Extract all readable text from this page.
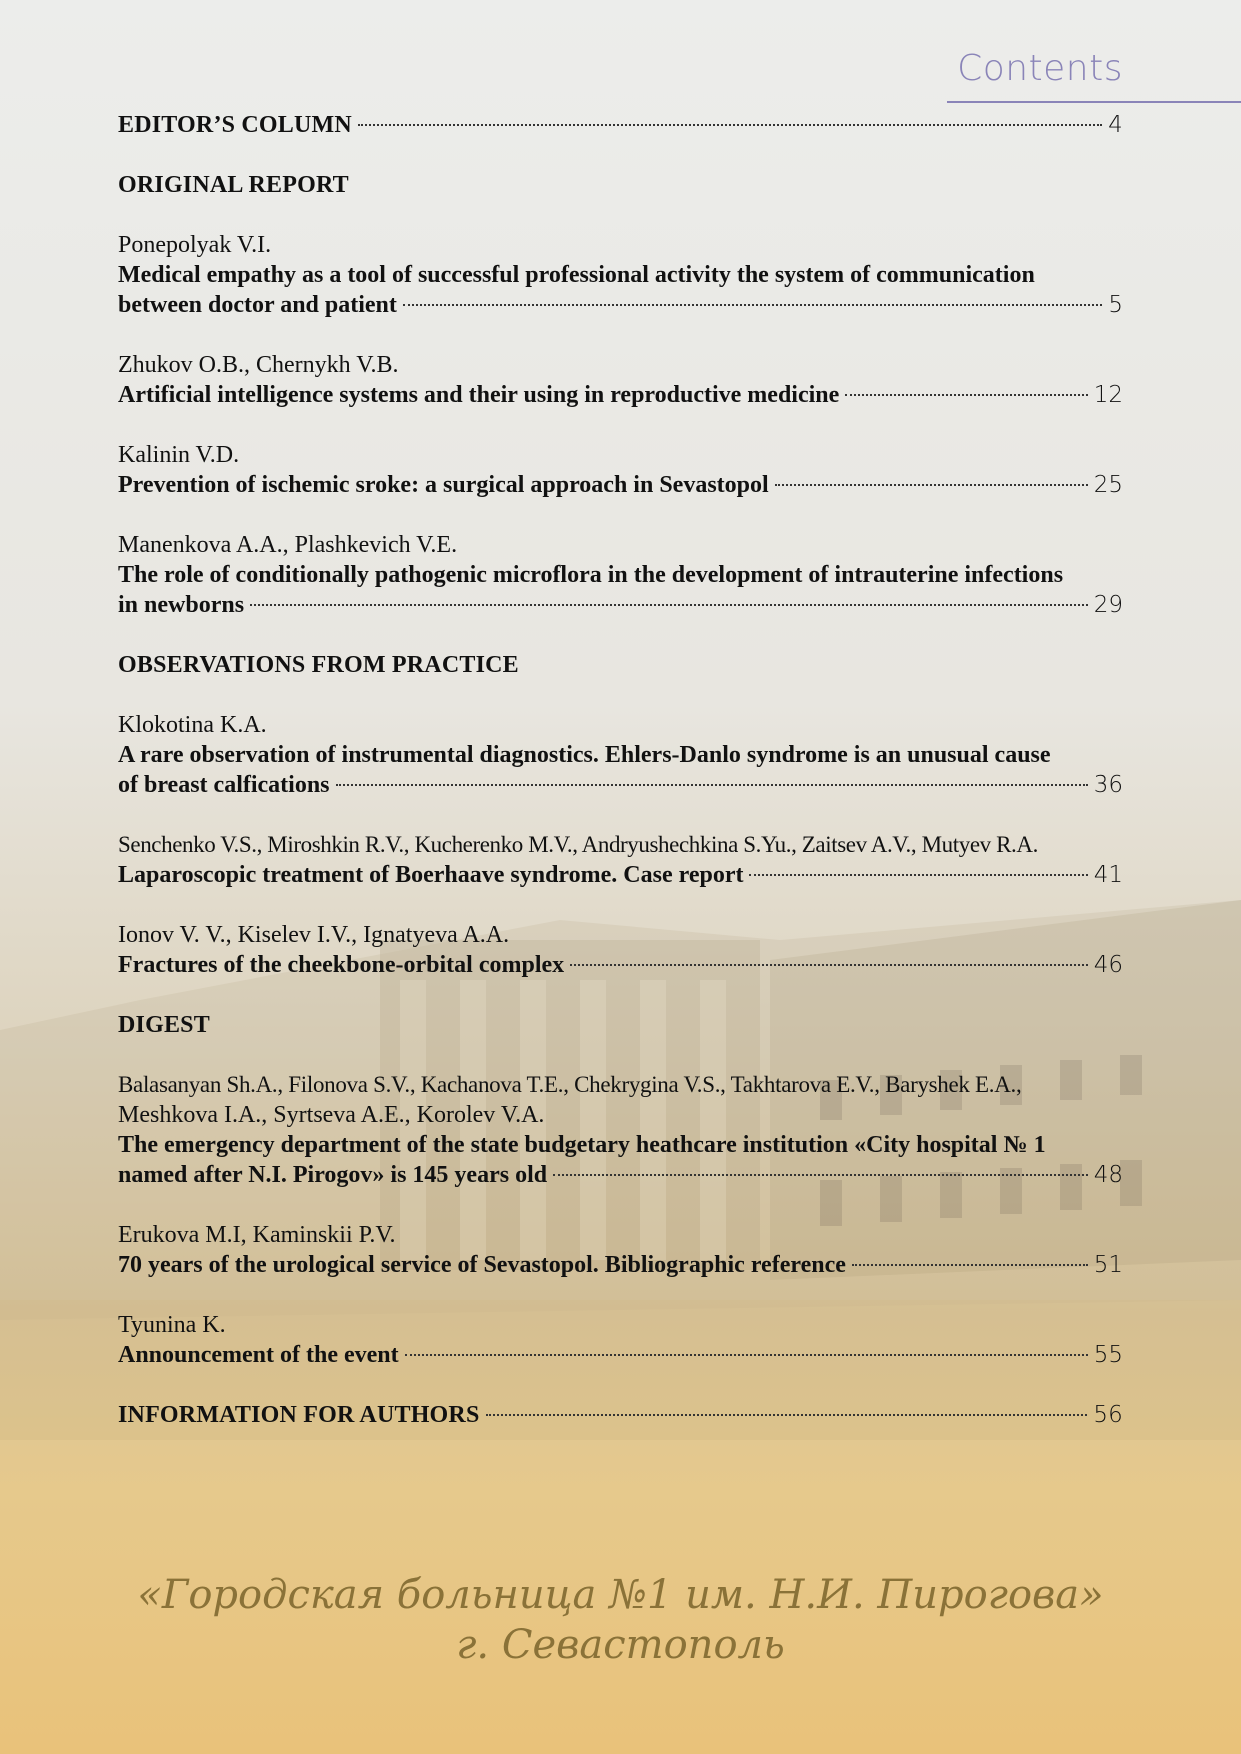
Contents
EDITOR’S COLUMN	4
ORIGINAL REPORT
Ponepolyak V.I.
Medical empathy as a tool of successful professional activity the system of communication
between doctor and patient	5
Zhukov O.B., Chernykh V.B.
Artificial intelligence systems and their using in reproductive medicine	12
Kalinin V.D.
Prevention of ischemic sroke: a surgical approach in Sevastopol	25
Manenkova A.A., Plashkevich V.E.
The role of conditionally pathogenic microflora in the development of intrauterine infections
in newborns	29
OBSERVATIONS FROM PRACTICE
Klokotina K.A.
A rare observation of instrumental diagnostics. Ehlers-Danlo syndrome is an unusual cause
of breast calfications	36
Senchenko V.S., Miroshkin R.V., Kucherenko M.V., Andryushechkina S.Yu., Zaitsev A.V., Mutyev R.A.
Laparoscopic treatment of Boerhaave syndrome. Case report	41
Ionov V. V., Kiselev I.V., Ignatyeva A.A.
Fractures of the cheekbone-orbital complex	46
DIGEST
Balasanyan Sh.A., Filonova S.V., Kachanova T.E., Chekrygina V.S., Takhtarova E.V., Baryshek E.A.,
Meshkova I.A., Syrtseva A.E., Korolev V.A.
The emergency department of the state budgetary heathcare institution «City hospital № 1
named after N.I. Pirogov» is 145 years old	48
Erukova M.I, Kaminskii P.V.
70 years of the urological service of Sevastopol. Bibliographic reference	51
Tyunina K.
Announcement of the event	55
INFORMATION FOR AUTHORS	56
«Городская больница №1 им. Н.И. Пирогова»
г. Севастополь
